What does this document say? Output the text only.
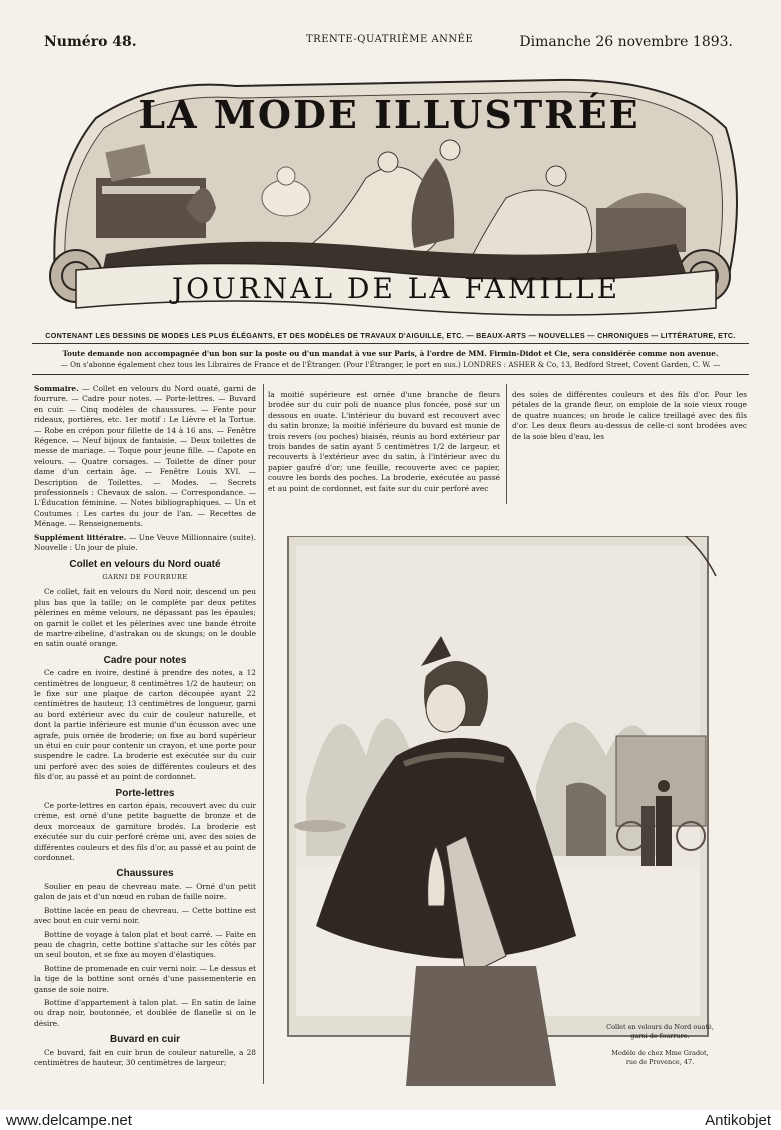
Numéro 48.	TRENTE-QUATRIÈME ANNÉE	Dimanche 26 novembre 1893.
LA MODE ILLUSTRÉE
JOURNAL DE LA FAMILLE
CONTENANT LES DESSINS DE MODES LES PLUS ÉLÉGANTS, ET DES MODÈLES DE TRAVAUX D'AIGUILLE, ETC. — BEAUX-ARTS — NOUVELLES — CHRONIQUES — LITTÉRATURE, ETC.
Toute demande non accompagnée d'un bon sur la poste ou d'un mandat à vue sur Paris, à l'ordre de MM. Firmin-Didot et Cie, sera considérée comme non avenue.
— On s'abonne également chez tous les Libraires de France et de l'Étranger. (Pour l'Étranger, le port en sus.) LONDRES : ASHER & Co, 13, Bedford Street, Covent Garden, C. W. —

Sommaire. — Collet en velours du Nord ouaté, garni de fourrure. — Cadre pour notes. — Porte-lettres. — Buvard en cuir. — Cinq modèles de chaussures. — Fente pour rideaux, portières, etc. 1er motif : Le Lièvre et la Tortue. — Robe en crépon pour fillette de 14 à 16 ans. — Fenêtre Régence. — Neuf bijoux de fantaisie. — Deux toilettes de messe de mariage. — Toque pour jeune fille. — Capote en velours. — Quatre corsages. — Toilette de dîner pour dame d'un certain âge. — Fenêtre Louis XVI. — Description de Toilettes. — Modes. — Secrets professionnels : Chevaux de salon. — Correspondance. — L'Éducation féminine. — Notes bibliographiques. — Un et Coutumes : Les cartes du jour de l'an. — Recettes de Ménage. — Renseignements.

Supplément littéraire. — Une Veuve Millionnaire (suite). Nouvelle : Un jour de pluie.

Collet en velours du Nord ouaté
GARNI DE FOURRURE

Ce collet, fait en velours du Nord noir, descend un peu plus bas que la taille; on le complète par deux petites pèlerines en même velours, ne dépassant pas les épaules; on garnit le collet et les pèlerines avec une bande étroite de martre-zibeline, d'astrakan ou de skungs; on le double en satin ouaté orange.

Cadre pour notes

Ce cadre en ivoire, destiné à prendre des notes, a 12 centimètres de longueur, 8 centimètres 1/2 de hauteur; on le fixe sur une plaque de carton découpée ayant 22 centimètres de hauteur, 13 centimètres de longueur, garni au bord extérieur avec du cuir de couleur naturelle, et dont la partie inférieure est munie d'un écusson avec une agrafe, puis ornée de broderie; on fixe au bord supérieur un étui en cuir pour contenir un crayon, et une porte pour suspendre le cadre. La broderie est exécutée sur du cuir uni perforé avec des soies de différentes couleurs et des fils d'or, au passé et au point de cordonnet.

Porte-lettres

Ce porte-lettres en carton épais, recouvert avec du cuir crème, est orné d'une petite baguette de bronze et de deux morceaux de garniture brodés. La broderie est exécutée sur du cuir perforé crème uni, avec des soies de différentes couleurs et des fils d'or, au passé et au point de cordonnet.

Chaussures

Soulier en peau de chevreau mate. — Orné d'un petit galon de jais et d'un nœud en ruban de faille noire.

Bottine lacée en peau de chevreau. — Cette bottine est avec bout en cuir verni noir.

Bottine de voyage à talon plat et bout carré. — Faite en peau de chagrin, cette bottine s'attache sur les côtés par un seul bouton, et se fixe au moyen d'élastiques.

Bottine de promenade en cuir verni noir. — Le dessus et la tige de la bottine sont ornés d'une passementerie en ganse de soie noire.

Bottine d'appartement à talon plat. — En satin de laine ou drap noir, boutonnée, et doublée de flanelle si on le désire.

Buvard en cuir

Ce buvard, fait en cuir brun de couleur naturelle, a 28 centimètres de hauteur, 30 centimètres de largeur;

la moitié supérieure est ornée d'une branche de fleurs brodée sur du cuir poli de nuance plus foncée, posé sur un dessous en ouate. L'intérieur du buvard est recouvert avec du satin bronze; la moitié inférieure du buvard est munie de trois revers (ou poches) biaisés, réunis au bord extérieur par trois bandes de satin ayant 5 centimètres 1/2 de largeur, et recouverts à l'extérieur avec du satin, à l'intérieur avec du papier gaufré d'or; une feuille, recouverte avec ce papier, couvre les bords des poches. La broderie, exécutée au passé et au point de cordonnet, est faite sur du cuir perforé avec

des soies de différentes couleurs et des fils d'or. Pour les pétales de la grande fleur, on emploie de la soie vieux rouge de quatre nuances; on brode le calice treillagé avec des fils d'or. Les deux fleurs au-dessus de celle-ci sont brodées avec de la soie bleu d'eau, les

Collet en velours du Nord ouaté,
garni de fourrure.
Modèle de chez Mme Gradot,
rue de Provence, 47.
www.delcampe.net	Antikobjet
